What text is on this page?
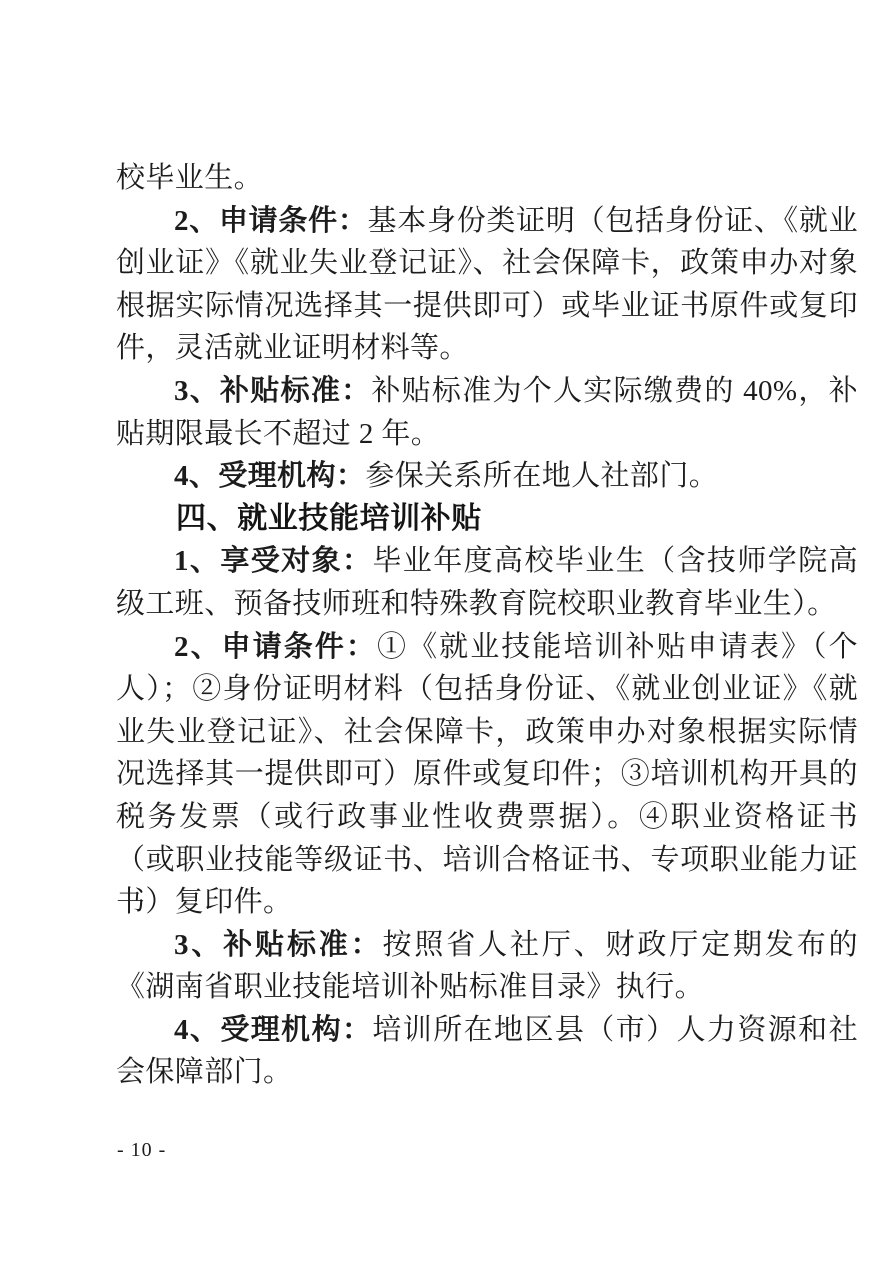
校毕业生。

2、申请条件：基本身份类证明（包括身份证、《就业创业证》《就业失业登记证》、社会保障卡，政策申办对象根据实际情况选择其一提供即可）或毕业证书原件或复印件，灵活就业证明材料等。

3、补贴标准：补贴标准为个人实际缴费的 40%，补贴期限最长不超过 2 年。

4、受理机构：参保关系所在地人社部门。

四、就业技能培训补贴

1、享受对象：毕业年度高校毕业生（含技师学院高级工班、预备技师班和特殊教育院校职业教育毕业生）。

2、申请条件：①《就业技能培训补贴申请表》（个人）；②身份证明材料（包括身份证、《就业创业证》《就业失业登记证》、社会保障卡，政策申办对象根据实际情况选择其一提供即可）原件或复印件；③培训机构开具的税务发票（或行政事业性收费票据）。④职业资格证书（或职业技能等级证书、培训合格证书、专项职业能力证书）复印件。

3、补贴标准：按照省人社厅、财政厅定期发布的《湖南省职业技能培训补贴标准目录》执行。

4、受理机构：培训所在地区县（市）人力资源和社会保障部门。

- 10 -
